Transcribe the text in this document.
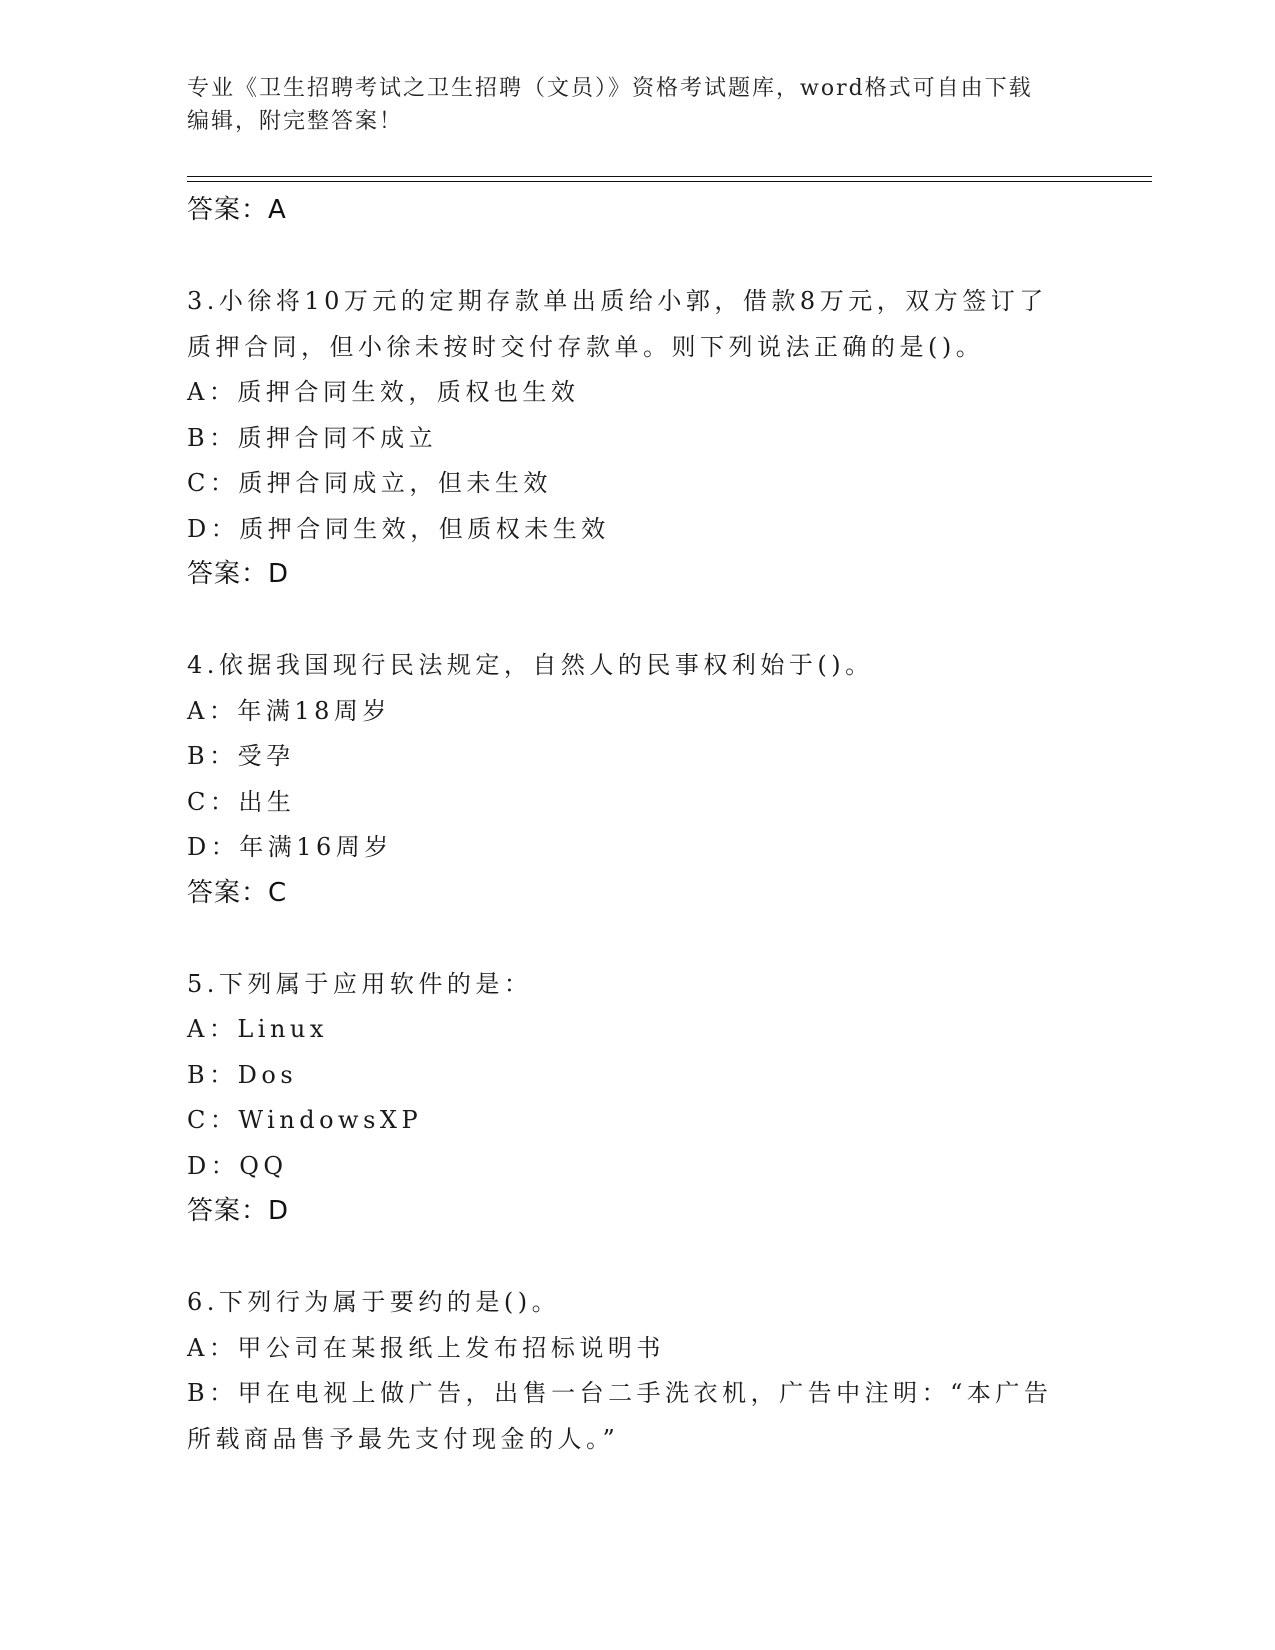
专业《卫生招聘考试之卫生招聘（文员）》资格考试题库，word格式可自由下载
编辑，附完整答案！
答案：A
3.小徐将10万元的定期存款单出质给小郭，借款8万元，双方签订了
质押合同，但小徐未按时交付存款单。则下列说法正确的是()。
A：质押合同生效，质权也生效
B：质押合同不成立
C：质押合同成立，但未生效
D：质押合同生效，但质权未生效
答案：D
4.依据我国现行民法规定，自然人的民事权利始于()。
A：年满18周岁
B：受孕
C：出生
D：年满16周岁
答案：C
5.下列属于应用软件的是：
A：Linux
B：Dos
C：WindowsXP
D：QQ
答案：D
6.下列行为属于要约的是()。
A：甲公司在某报纸上发布招标说明书
B：甲在电视上做广告，出售一台二手洗衣机，广告中注明：“本广告
所载商品售予最先支付现金的人。”
